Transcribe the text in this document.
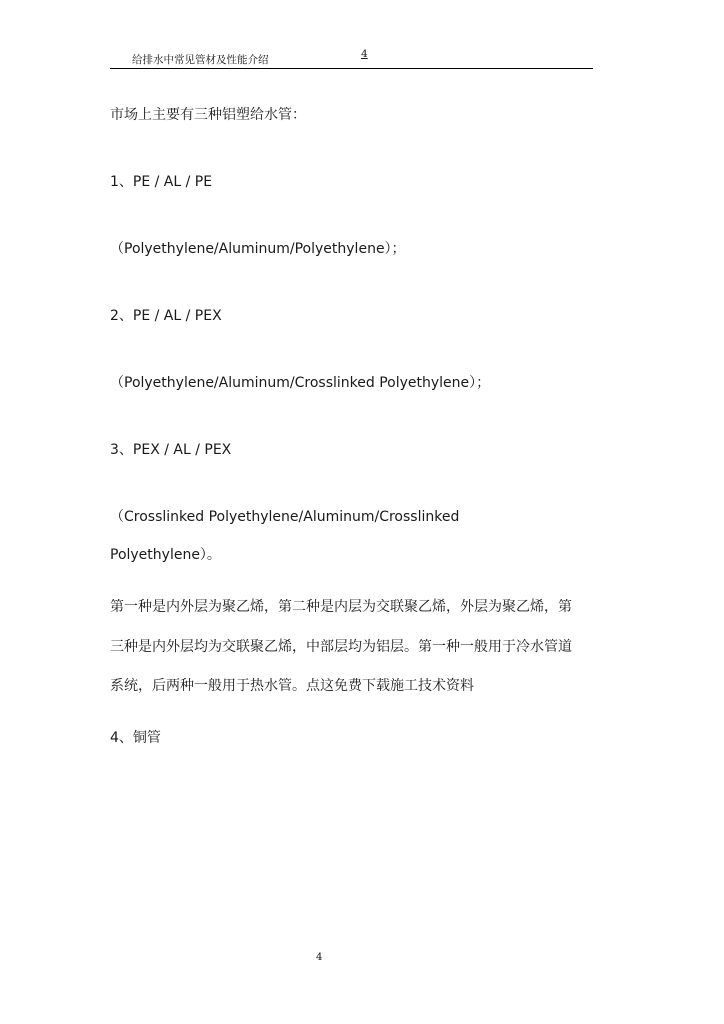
给排水中常见管材及性能介绍	4
市场上主要有三种铝塑给水管：
1、PE / AL / PE
（Polyethylene/Aluminum/Polyethylene）；
2、PE / AL / PEX
（Polyethylene/Aluminum/Crosslinked Polyethylene）；
3、PEX / AL / PEX
（Crosslinked Polyethylene/Aluminum/Crosslinked
Polyethylene）。
第一种是内外层为聚乙烯，第二种是内层为交联聚乙烯，外层为聚乙烯，第
三种是内外层均为交联聚乙烯，中部层均为铝层。第一种一般用于冷水管道
系统，后两种一般用于热水管。点这免费下载施工技术资料
4、铜管
4
